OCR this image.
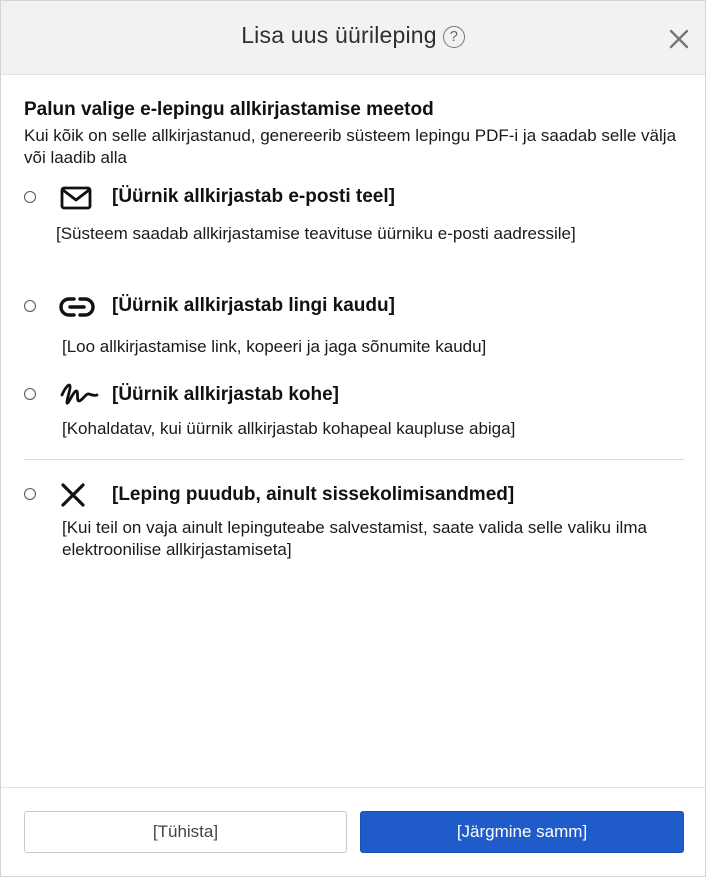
Lisa uus üürileping ?
Palun valige e-lepingu allkirjastamise meetod
Kui kõik on selle allkirjastanud, genereerib süsteem lepingu PDF-i ja saadab selle välja või laadib alla
[Üürnik allkirjastab e-posti teel]
[Süsteem saadab allkirjastamise teavituse üürniku e-posti aadressile]
[Üürnik allkirjastab lingi kaudu]
[Loo allkirjastamise link, kopeeri ja jaga sõnumite kaudu]
[Üürnik allkirjastab kohe]
[Kohaldatav, kui üürnik allkirjastab kohapeal kaupluse abiga]
[Leping puudub, ainult sissekolimisandmed]
[Kui teil on vaja ainult lepinguteabe salvestamist, saate valida selle valiku ilma elektroonilise allkirjastamiseta]
[Tühista]	[Järgmine samm]
